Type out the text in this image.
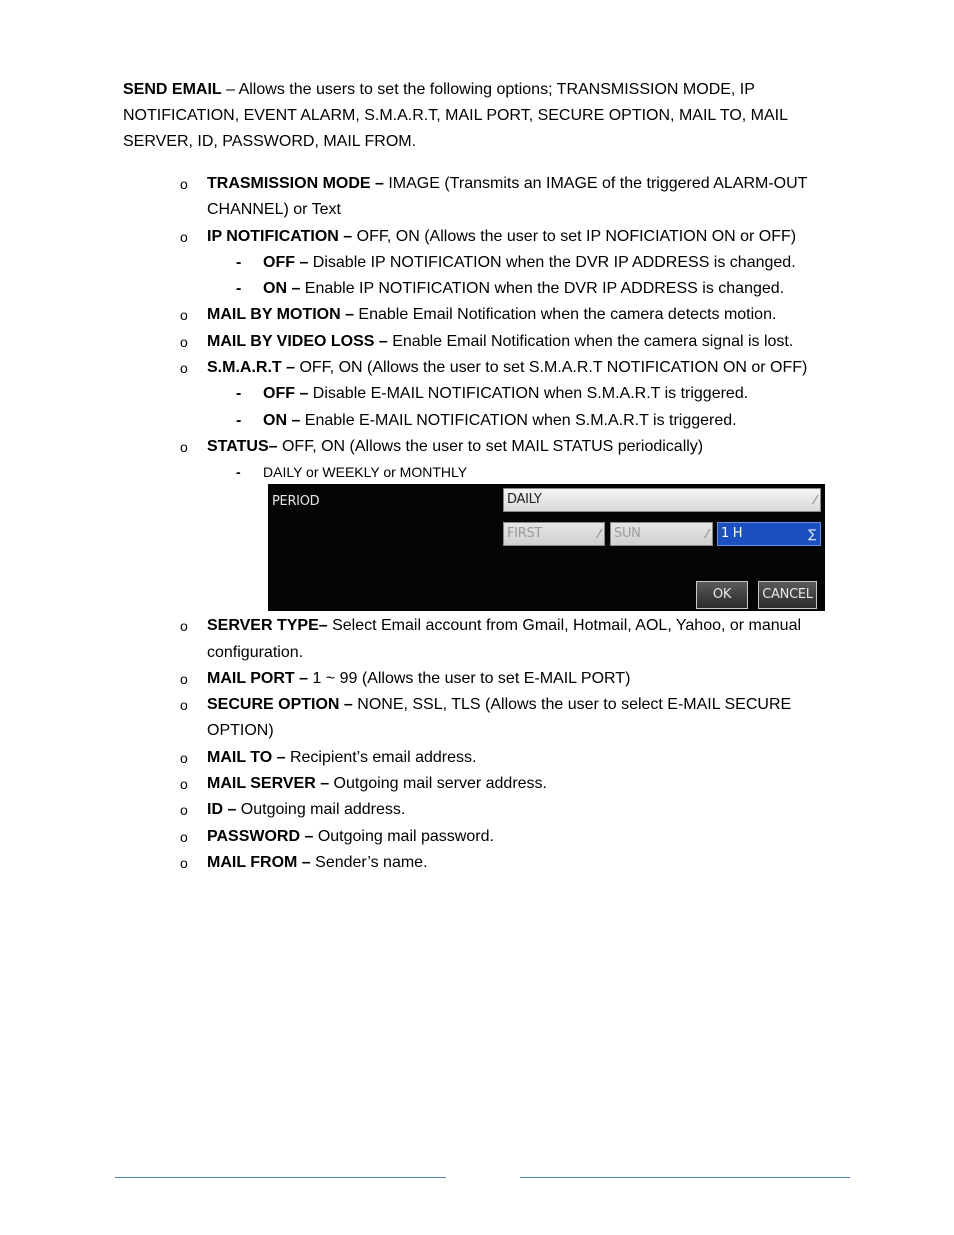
SEND EMAIL – Allows the users to set the following options; TRANSMISSION MODE, IP NOTIFICATION, EVENT ALARM, S.M.A.R.T, MAIL PORT, SECURE OPTION, MAIL TO, MAIL SERVER, ID, PASSWORD, MAIL FROM.

o	TRASMISSION MODE – IMAGE (Transmits an IMAGE of the triggered ALARM-OUT CHANNEL) or Text
o	IP NOTIFICATION – OFF, ON (Allows the user to set IP NOFICIATION ON or OFF)
- OFF – Disable IP NOTIFICATION when the DVR IP ADDRESS is changed.
- ON – Enable IP NOTIFICATION when the DVR IP ADDRESS is changed.
o	MAIL BY MOTION – Enable Email Notification when the camera detects motion.
o	MAIL BY VIDEO LOSS – Enable Email Notification when the camera signal is lost.
o	S.M.A.R.T – OFF, ON (Allows the user to set S.M.A.R.T NOTIFICATION ON or OFF)
- OFF – Disable E-MAIL NOTIFICATION when S.M.A.R.T is triggered.
- ON – Enable E-MAIL NOTIFICATION when S.M.A.R.T is triggered.
o	STATUS– OFF, ON (Allows the user to set MAIL STATUS periodically)
- DAILY or WEEKLY or MONTHLY
PERIOD	DAILY	⁄
FIRST	⁄	SUN	⁄	1 H	∑
OK	CANCEL
o	SERVER TYPE– Select Email account from Gmail, Hotmail, AOL, Yahoo, or manual configuration.
o	MAIL PORT – 1 ~ 99 (Allows the user to set E-MAIL PORT)
o	SECURE OPTION – NONE, SSL, TLS (Allows the user to select E-MAIL SECURE OPTION)
o	MAIL TO – Recipient’s email address.
o	MAIL SERVER – Outgoing mail server address.
o	ID – Outgoing mail address.
o	PASSWORD – Outgoing mail password.
o	MAIL FROM – Sender’s name.
